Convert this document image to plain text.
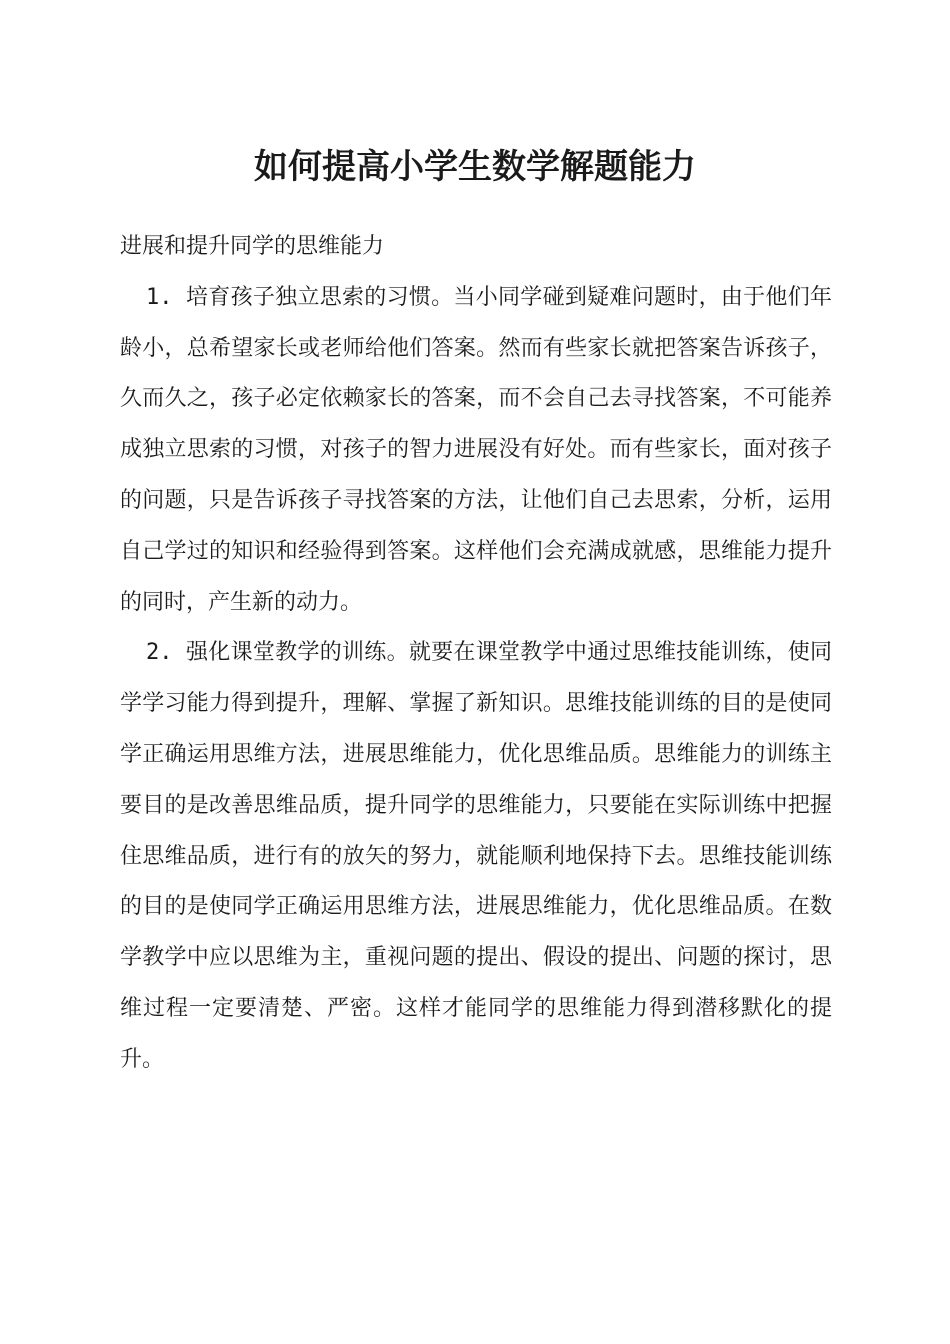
如何提高小学生数学解题能力

进展和提升同学的思维能力

1. 培育孩子独立思索的习惯。当小同学碰到疑难问题时，由于他们年龄小，总希望家长或老师给他们答案。然而有些家长就把答案告诉孩子，久而久之，孩子必定依赖家长的答案，而不会自己去寻找答案，不可能养成独立思索的习惯，对孩子的智力进展没有好处。而有些家长，面对孩子的问题，只是告诉孩子寻找答案的方法，让他们自己去思索，分析，运用自己学过的知识和经验得到答案。这样他们会充满成就感，思维能力提升的同时，产生新的动力。

2. 强化课堂教学的训练。就要在课堂教学中通过思维技能训练，使同学学习能力得到提升，理解、掌握了新知识。思维技能训练的目的是使同学正确运用思维方法，进展思维能力，优化思维品质。思维能力的训练主要目的是改善思维品质，提升同学的思维能力，只要能在实际训练中把握住思维品质，进行有的放矢的努力，就能顺利地保持下去。思维技能训练的目的是使同学正确运用思维方法，进展思维能力，优化思维品质。在数学教学中应以思维为主，重视问题的提出、假设的提出、问题的探讨，思维过程一定要清楚、严密。这样才能同学的思维能力得到潜移默化的提升。
